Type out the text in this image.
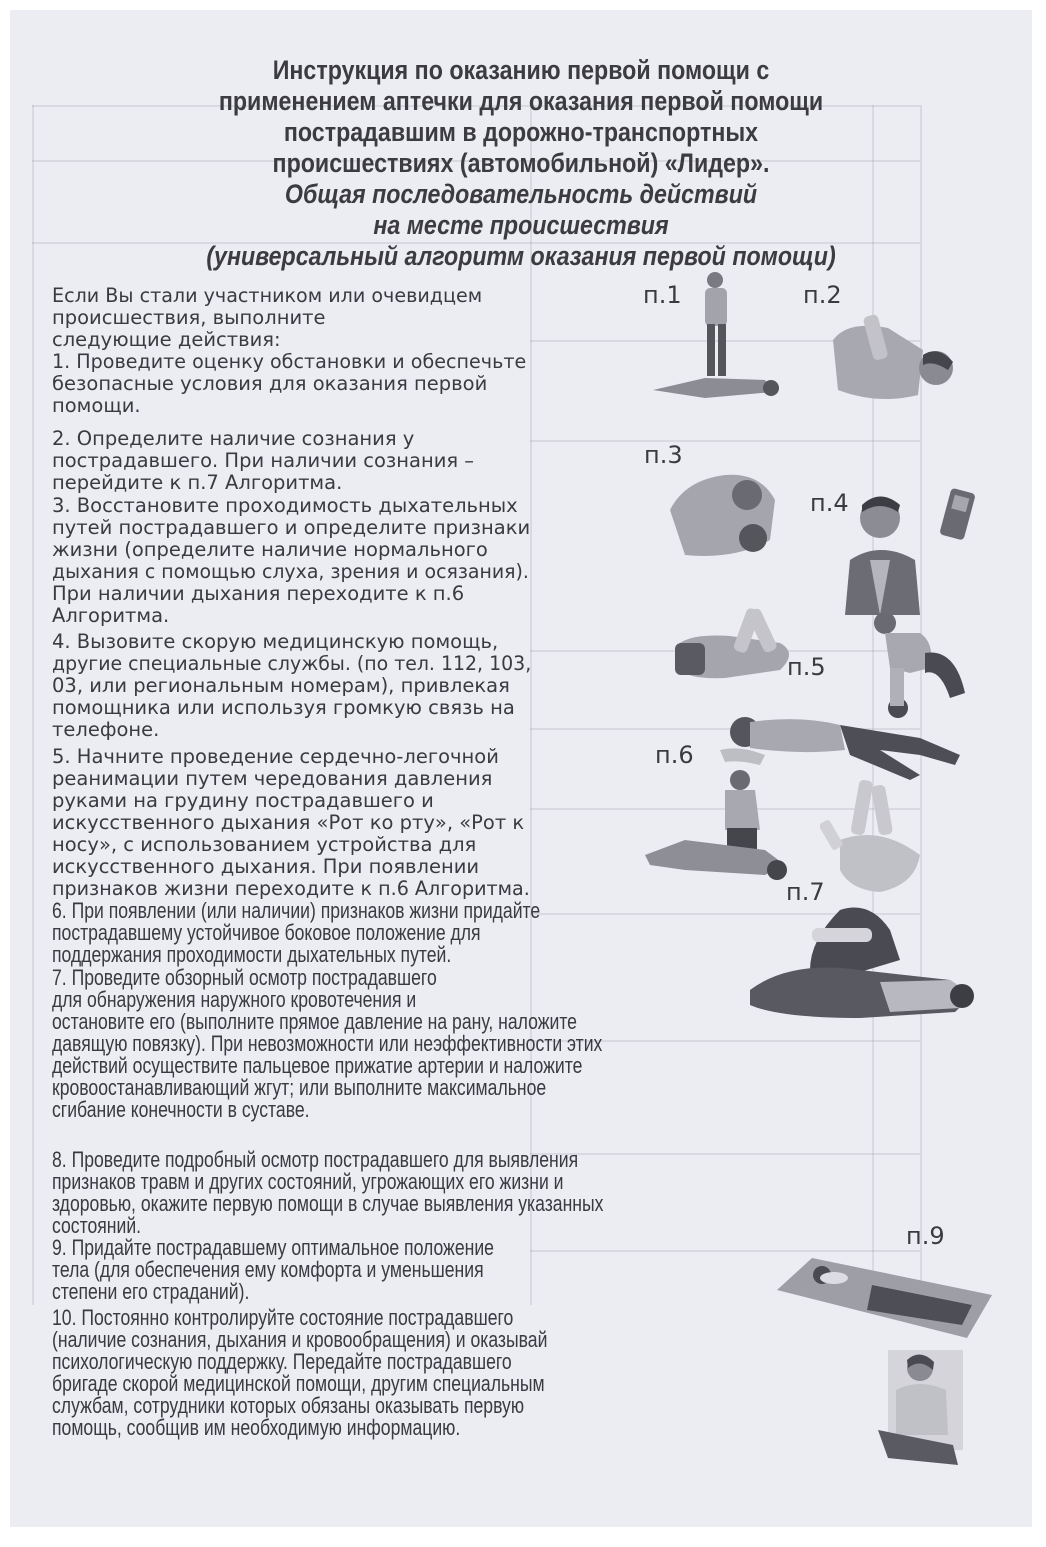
Инструкция по оказанию первой помощи с
применением аптечки для оказания первой помощи
пострадавшим в дорожно-транспортных
происшествиях (автомобильной) «Лидер».
Общая последовательность действий
на месте происшествия
(универсальный алгоритм оказания первой помощи)
Если Вы стали участником или очевидцем
происшествия, выполните
следующие действия:
1. Проведите оценку обстановки и обеспечьте
безопасные условия для оказания первой
помощи.
2. Определите наличие сознания у
пострадавшего. При наличии сознания –
перейдите к п.7 Алгоритма.
3. Восстановите проходимость дыхательных
путей пострадавшего и определите признаки
жизни (определите наличие нормального
дыхания с помощью слуха, зрения и осязания).
При наличии дыхания переходите к п.6
Алгоритма.
4. Вызовите скорую медицинскую помощь,
другие специальные службы. (по тел. 112, 103,
03, или региональным номерам), привлекая
помощника или используя громкую связь на
телефоне.
5. Начните проведение сердечно-легочной
реанимации путем чередования давления
руками на грудину пострадавшего и
искусственного дыхания «Рот ко рту», «Рот к
носу», с использованием устройства для
искусственного дыхания. При появлении
признаков жизни переходите к п.6 Алгоритма.
6. При появлении (или наличии) признаков жизни придайте
пострадавшему устойчивое боковое положение для
поддержания проходимости дыхательных путей.
7. Проведите обзорный осмотр пострадавшего
для обнаружения наружного кровотечения и
остановите его (выполните прямое давление на рану, наложите
давящую повязку). При невозможности или неэффективности этих
действий осуществите пальцевое прижатие артерии и наложите
кровоостанавливающий жгут; или выполните максимальное
сгибание конечности в суставе.
8. Проведите подробный осмотр пострадавшего для выявления
признаков травм и других состояний, угрожающих его жизни и
здоровью, окажите первую помощи в случае выявления указанных
состояний.
9. Придайте пострадавшему оптимальное положение
тела (для обеспечения ему комфорта и уменьшения
степени его страданий).
10. Постоянно контролируйте состояние пострадавшего
(наличие сознания, дыхания и кровообращения) и оказывай
психологическую поддержку. Передайте пострадавшего
бригаде скорой медицинской помощи, другим специальным
службам, сотрудники которых обязаны оказывать первую
помощь, сообщив им необходимую информацию.
п.1	п.2
п.3
п.4
п.5
п.6
п.7
п.9
